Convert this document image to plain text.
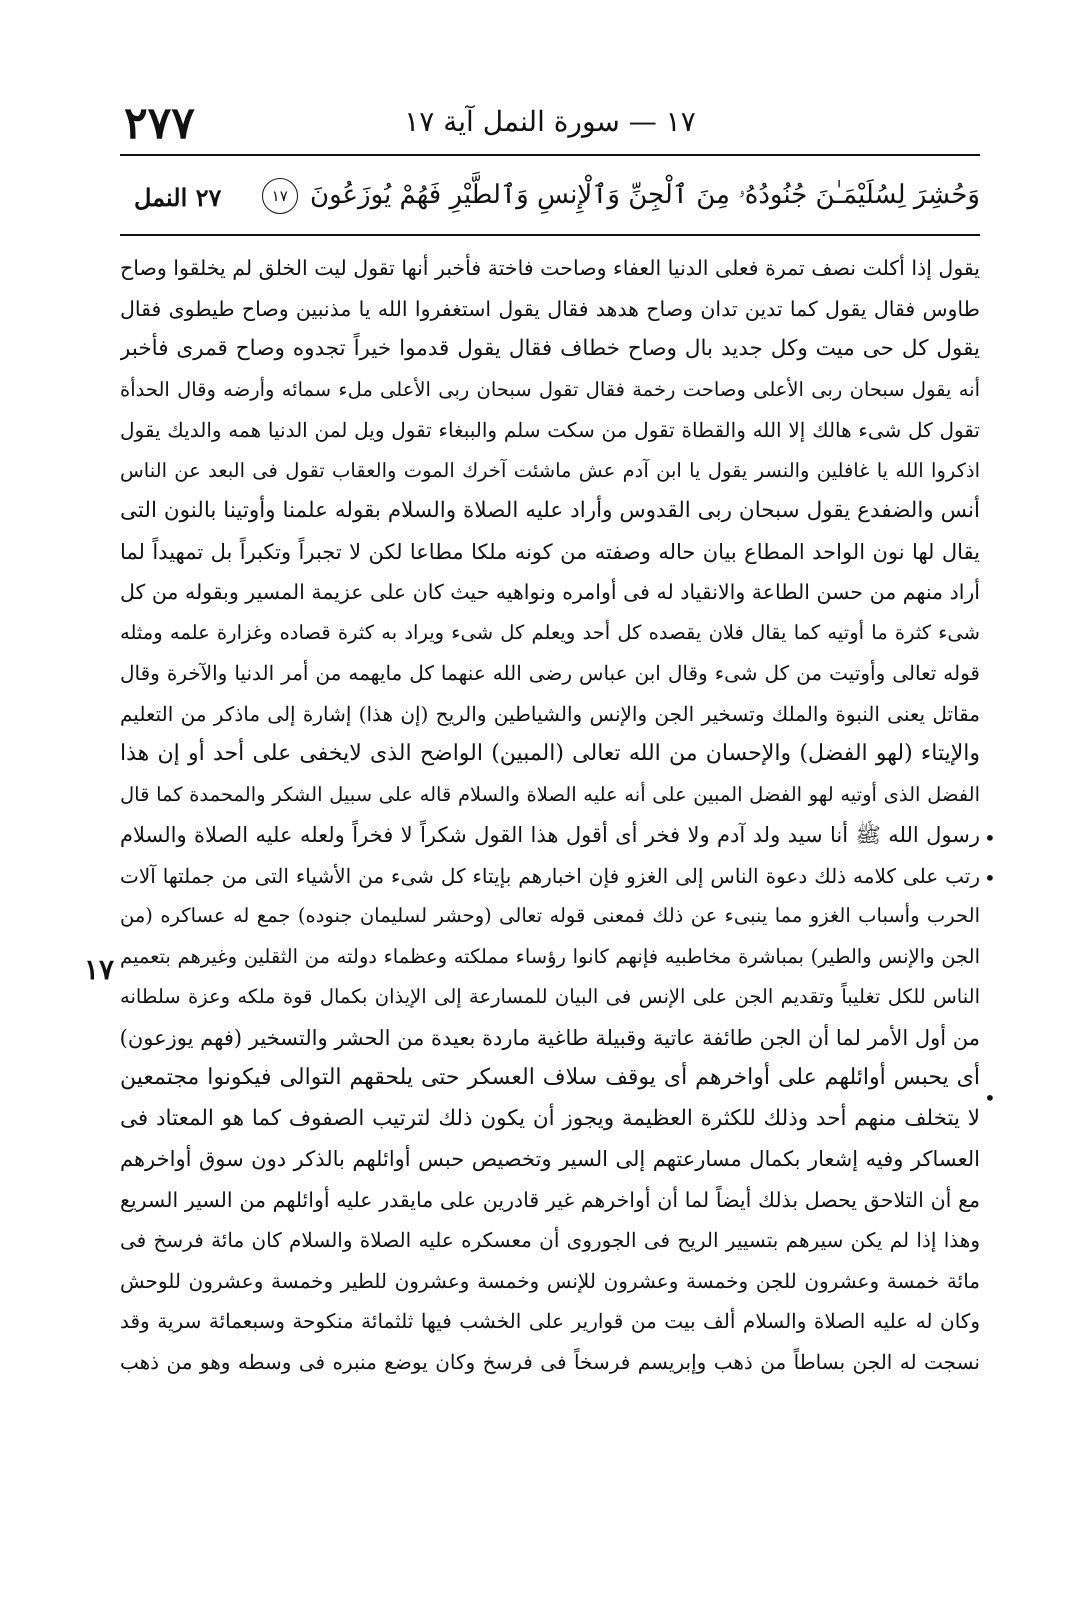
١٧ — سورة النمل آية ١٧
٢٧٧
وَحُشِرَ لِسُلَيْمَـٰنَ جُنُودُهُۥ مِنَ ٱلْجِنِّ وَٱلْإِنسِ وَٱلطَّيْرِ فَهُمْ يُوزَعُونَ ١٧
٢٧ النمل
يقول إذا أكلت نصف تمرة فعلى الدنيا العفاء وصاحت فاختة فأخبر أنها تقول ليت الخلق لم يخلقوا وصاح
طاوس فقال يقول كما تدين تدان وصاح هدهد فقال يقول استغفروا الله يا مذنبين وصاح طيطوى فقال
يقول كل حى ميت وكل جديد بال وصاح خطاف فقال يقول قدموا خيراً تجدوه وصاح قمرى فأخبر
أنه يقول سبحان ربى الأعلى وصاحت رخمة فقال تقول سبحان ربى الأعلى ملء سمائه وأرضه وقال الحدأة
تقول كل شىء هالك إلا الله والقطاة تقول من سكت سلم والببغاء تقول ويل لمن الدنيا همه والديك يقول
اذكروا الله يا غافلين والنسر يقول يا ابن آدم عش ماشئت آخرك الموت والعقاب تقول فى البعد عن الناس
أنس والضفدع يقول سبحان ربى القدوس وأراد عليه الصلاة والسلام بقوله علمنا وأوتينا بالنون التى
يقال لها نون الواحد المطاع بيان حاله وصفته من كونه ملكا مطاعا لكن لا تجبراً وتكبراً بل تمهيداً لما
أراد منهم من حسن الطاعة والانقياد له فى أوامره ونواهيه حيث كان على عزيمة المسير وبقوله من كل
شىء كثرة ما أوتيه كما يقال فلان يقصده كل أحد ويعلم كل شىء ويراد به كثرة قصاده وغزارة علمه ومثله
قوله تعالى وأوتيت من كل شىء وقال ابن عباس رضى الله عنهما كل مايهمه من أمر الدنيا والآخرة وقال
مقاتل يعنى النبوة والملك وتسخير الجن والإنس والشياطين والريح (إن هذا) إشارة إلى ماذكر من التعليم
والإيتاء (لهو الفضل) والإحسان من الله تعالى (المبين) الواضح الذى لايخفى على أحد أو إن هذا
الفضل الذى أوتيه لهو الفضل المبين على أنه عليه الصلاة والسلام قاله على سبيل الشكر والمحمدة كما قال
رسول الله ﷺ أنا سيد ولد آدم ولا فخر أى أقول هذا القول شكراً لا فخراً ولعله عليه الصلاة والسلام
رتب على كلامه ذلك دعوة الناس إلى الغزو فإن اخبارهم بإيتاء كل شىء من الأشياء التى من جملتها آلات
الحرب وأسباب الغزو مما ينبىء عن ذلك فمعنى قوله تعالى (وحشر لسليمان جنوده) جمع له عساكره (من
الجن والإنس والطير) بمباشرة مخاطبيه فإنهم كانوا رؤساء مملكته وعظماء دولته من الثقلين وغيرهم بتعميم
الناس للكل تغليباً وتقديم الجن على الإنس فى البيان للمسارعة إلى الإيذان بكمال قوة ملكه وعزة سلطانه
من أول الأمر لما أن الجن طائفة عاتية وقبيلة طاغية ماردة بعيدة من الحشر والتسخير (فهم يوزعون)
أى يحبس أوائلهم على أواخرهم أى يوقف سلاف العسكر حتى يلحقهم التوالى فيكونوا مجتمعين
لا يتخلف منهم أحد وذلك للكثرة العظيمة ويجوز أن يكون ذلك لترتيب الصفوف كما هو المعتاد فى
العساكر وفيه إشعار بكمال مسارعتهم إلى السير وتخصيص حبس أوائلهم بالذكر دون سوق أواخرهم
مع أن التلاحق يحصل بذلك أيضاً لما أن أواخرهم غير قادرين على مايقدر عليه أوائلهم من السير السريع
وهذا إذا لم يكن سيرهم بتسيير الريح فى الجوروى أن معسكره عليه الصلاة والسلام كان مائة فرسخ فى
مائة خمسة وعشرون للجن وخمسة وعشرون للإنس وخمسة وعشرون للطير وخمسة وعشرون للوحش
وكان له عليه الصلاة والسلام ألف بيت من قوارير على الخشب فيها ثلثمائة منكوحة وسبعمائة سرية وقد
نسجت له الجن بساطاً من ذهب وإبريسم فرسخاً فى فرسخ وكان يوضع منبره فى وسطه وهو من ذهب
•
•
١٧
•
